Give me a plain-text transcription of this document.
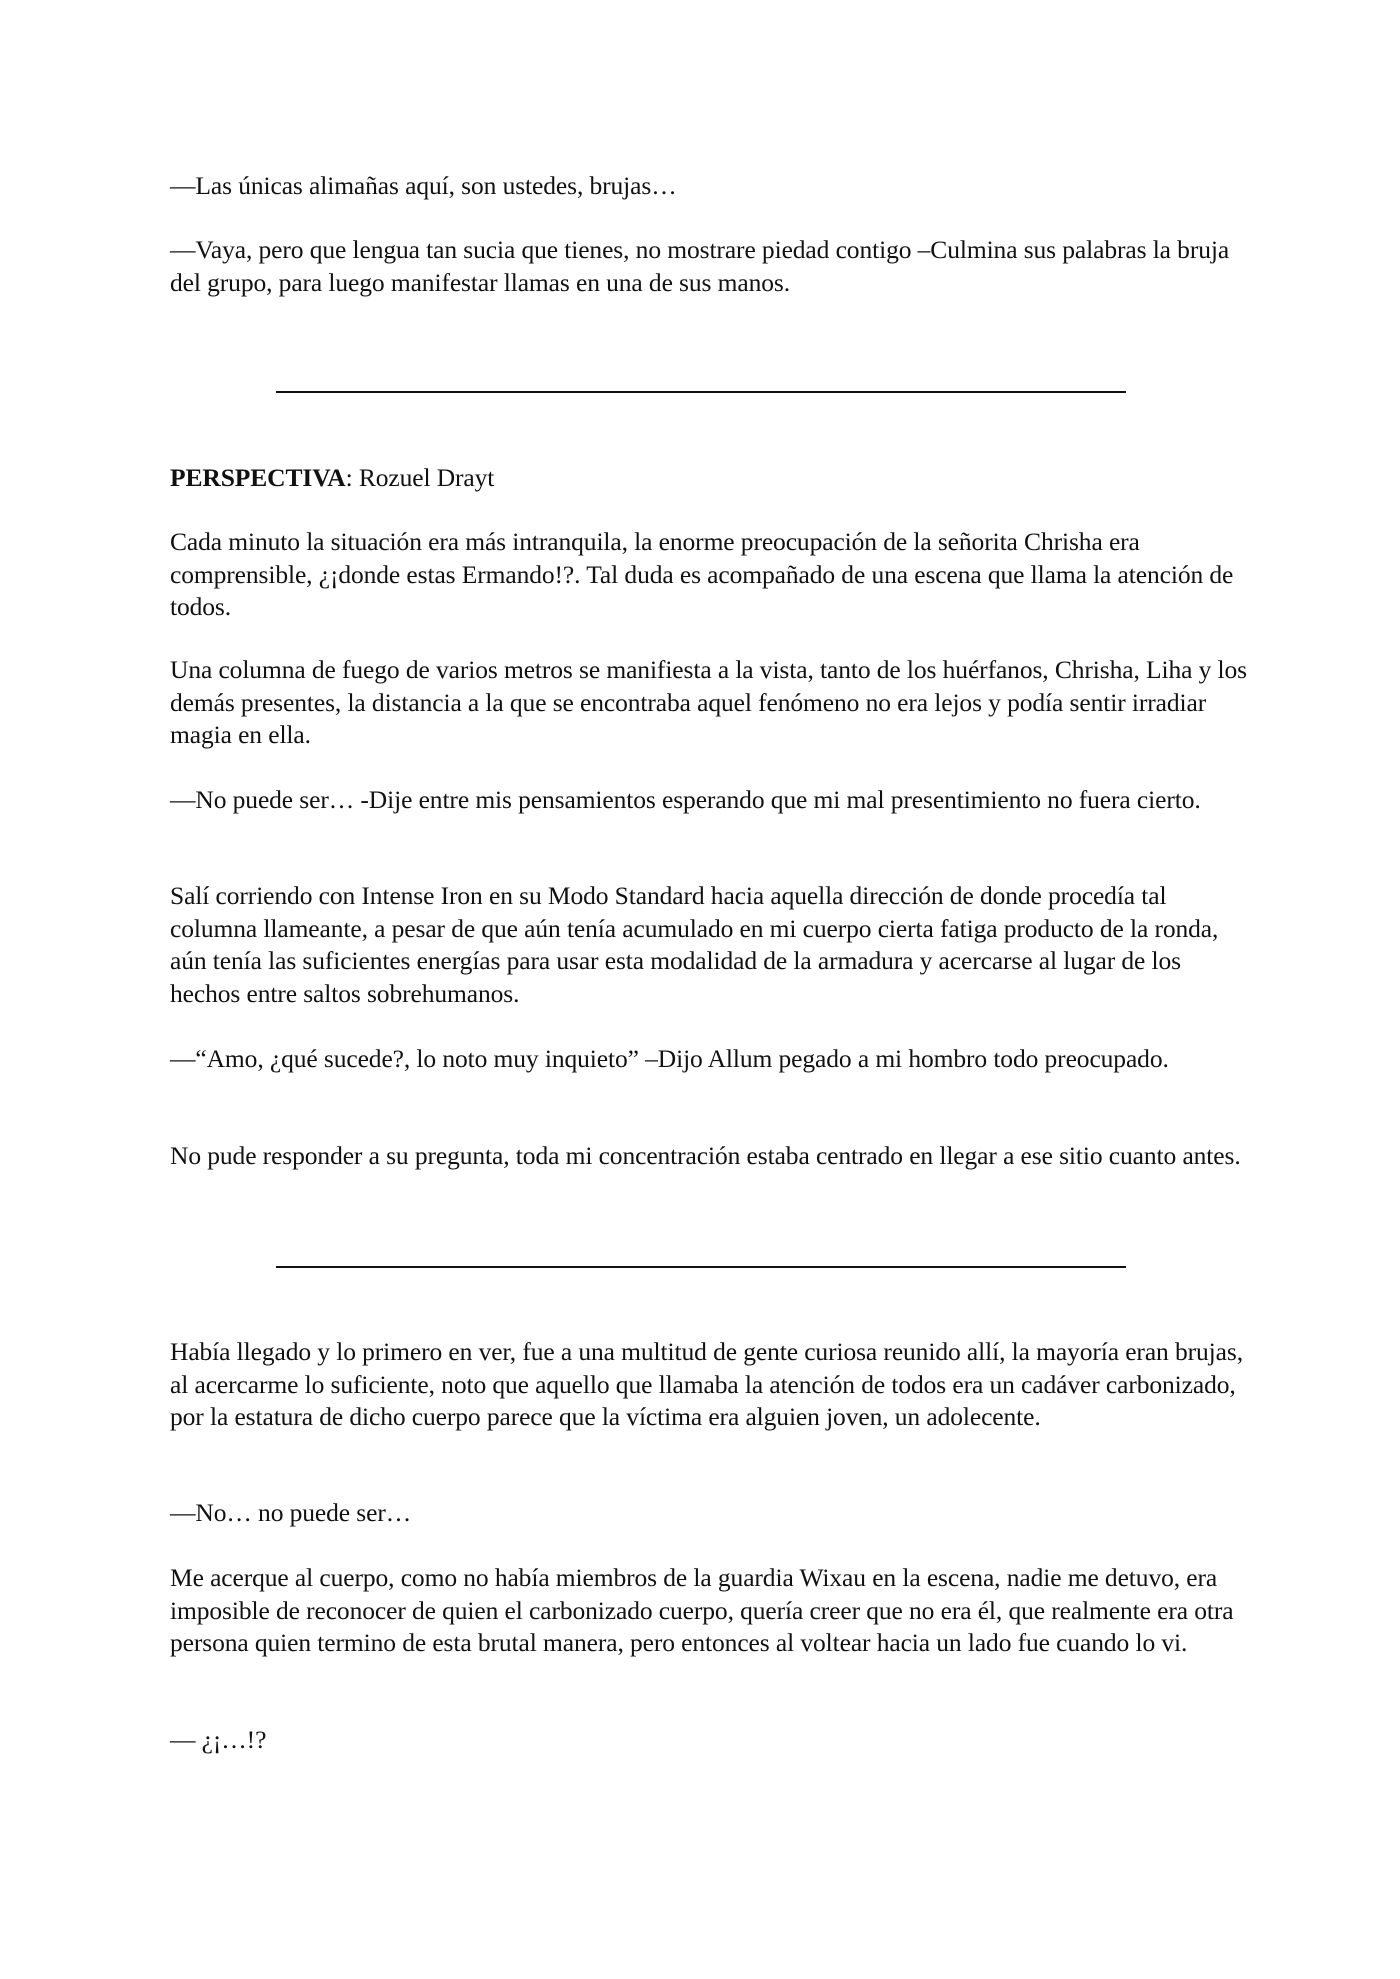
—Las únicas alimañas aquí, son ustedes, brujas…

—Vaya, pero que lengua tan sucia que tienes, no mostrare piedad contigo –Culmina sus palabras la bruja del grupo, para luego manifestar llamas en una de sus manos.

PERSPECTIVA: Rozuel Drayt

Cada minuto la situación era más intranquila, la enorme preocupación de la señorita Chrisha era comprensible, ¿¡donde estas Ermando!?. Tal duda es acompañado de una escena que llama la atención de todos.

Una columna de fuego de varios metros se manifiesta a la vista, tanto de los huérfanos, Chrisha, Liha y los demás presentes, la distancia a la que se encontraba aquel fenómeno no era lejos y podía sentir irradiar magia en ella.

—No puede ser… -Dije entre mis pensamientos esperando que mi mal presentimiento no fuera cierto.

Salí corriendo con Intense Iron en su Modo Standard hacia aquella dirección de donde procedía tal columna llameante, a pesar de que aún tenía acumulado en mi cuerpo cierta fatiga producto de la ronda, aún tenía las suficientes energías para usar esta modalidad de la armadura y acercarse al lugar de los hechos entre saltos sobrehumanos.

—“Amo, ¿qué sucede?, lo noto muy inquieto” –Dijo Allum pegado a mi hombro todo preocupado.

No pude responder a su pregunta, toda mi concentración estaba centrado en llegar a ese sitio cuanto antes.

Había llegado y lo primero en ver, fue a una multitud de gente curiosa reunido allí, la mayoría eran brujas, al acercarme lo suficiente, noto que aquello que llamaba la atención de todos era un cadáver carbonizado, por la estatura de dicho cuerpo parece que la víctima era alguien joven, un adolecente.

—No… no puede ser…

Me acerque al cuerpo, como no había miembros de la guardia Wixau en la escena, nadie me detuvo, era imposible de reconocer de quien el carbonizado cuerpo, quería creer que no era él, que realmente era otra persona quien termino de esta brutal manera, pero entonces al voltear hacia un lado fue cuando lo vi.

— ¿¡…!?
